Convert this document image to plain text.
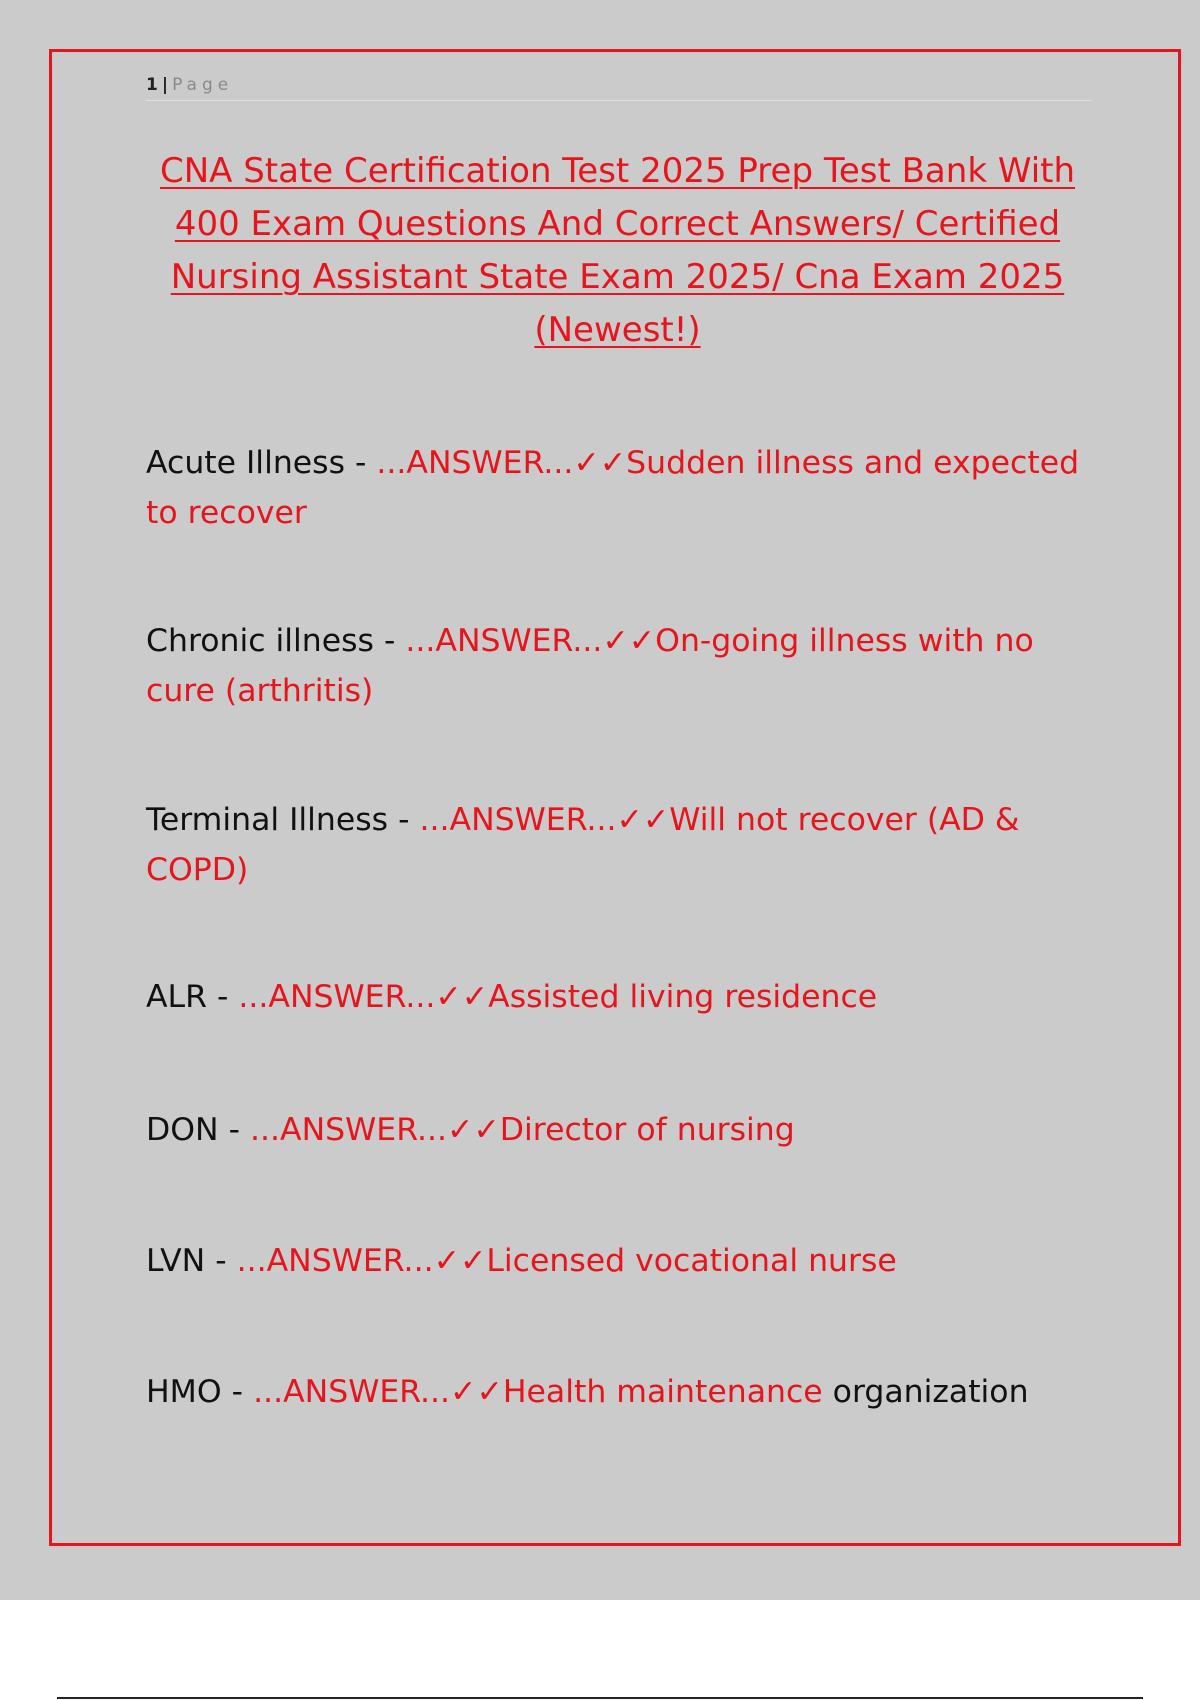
1 | Page
CNA State Certification Test 2025 Prep Test Bank With 400 Exam Questions And Correct Answers/ Certified Nursing Assistant State Exam 2025/ Cna Exam 2025 (Newest!)
Acute Illness - ...ANSWER...✓✓Sudden illness and expected to recover
Chronic illness - ...ANSWER...✓✓On-going illness with no cure (arthritis)
Terminal Illness - ...ANSWER...✓✓Will not recover (AD & COPD)
ALR - ...ANSWER...✓✓Assisted living residence
DON - ...ANSWER...✓✓Director of nursing
LVN - ...ANSWER...✓✓Licensed vocational nurse
HMO - ...ANSWER...✓✓Health maintenance organization
